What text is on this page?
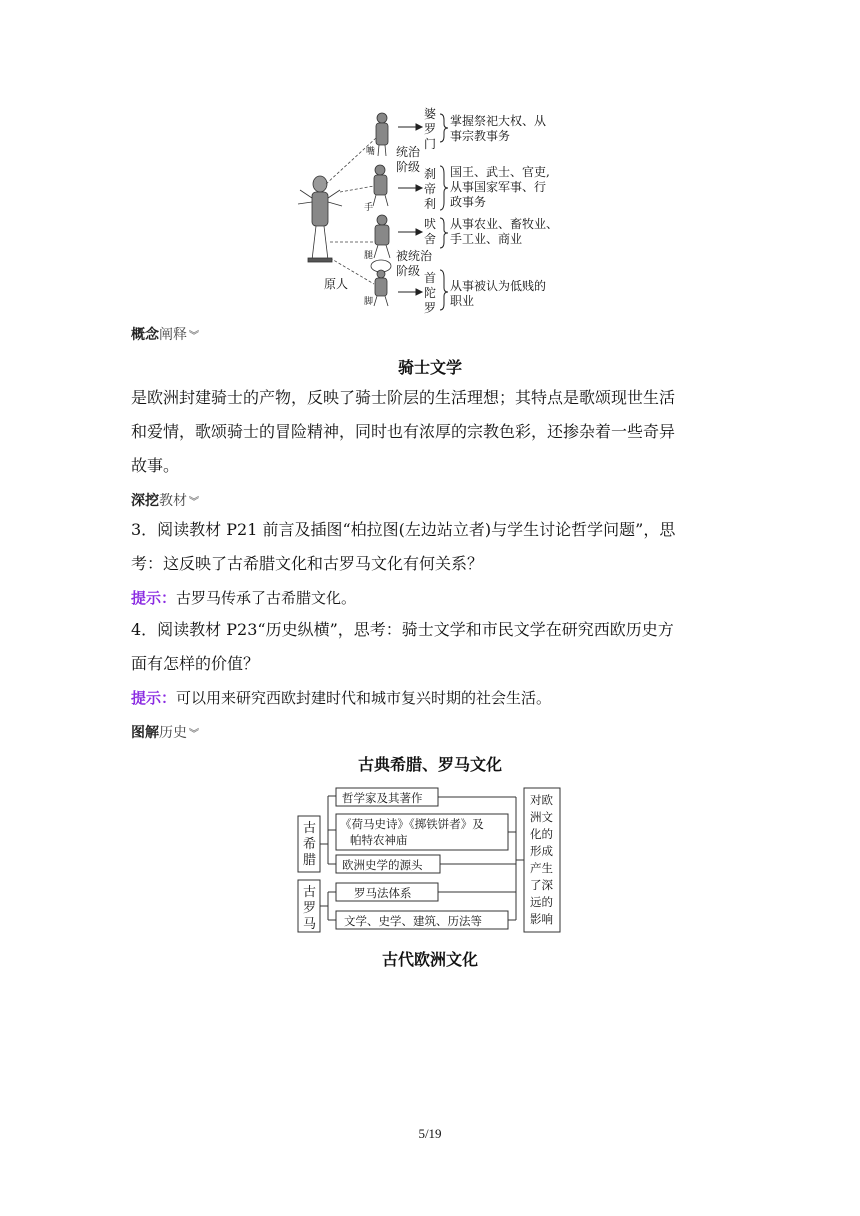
婆
罗
门
掌握祭祀大权、从
事宗教事务
统治
阶级 刹
帝
利
国王、武士、官吏,
从事国家军事、行
政事务
吠
舍
从事农业、畜牧业、
手工业、商业
被统治
阶级 首
陀
罗
从事被认为低贱的
职业
嘴
手
腿
脚
原人
概念阐释 ︾
骑士文学
是欧洲封建骑士的产物，反映了骑士阶层的生活理想；其特点是歌颂现世生活
和爱情，歌颂骑士的冒险精神，同时也有浓厚的宗教色彩，还掺杂着一些奇异
故事。
深挖教材 ︾
3．阅读教材 P21 前言及插图“柏拉图(左边站立者)与学生讨论哲学问题”，思
考：这反映了古希腊文化和古罗马文化有何关系？
提示：古罗马传承了古希腊文化。
4．阅读教材 P23“历史纵横”，思考：骑士文学和市民文学在研究西欧历史方
面有怎样的价值？
提示：可以用来研究西欧封建时代和城市复兴时期的社会生活。
图解历史 ︾
古典希腊、罗马文化
古
希
腊
古
罗
马
哲学家及其著作
《荷马史诗》《掷铁饼者》及
帕特农神庙
欧洲史学的源头
罗马法体系
文学、史学、建筑、历法等
对欧
洲文
化的
形成
产生
了深
远的
影响
古代欧洲文化
5/19
